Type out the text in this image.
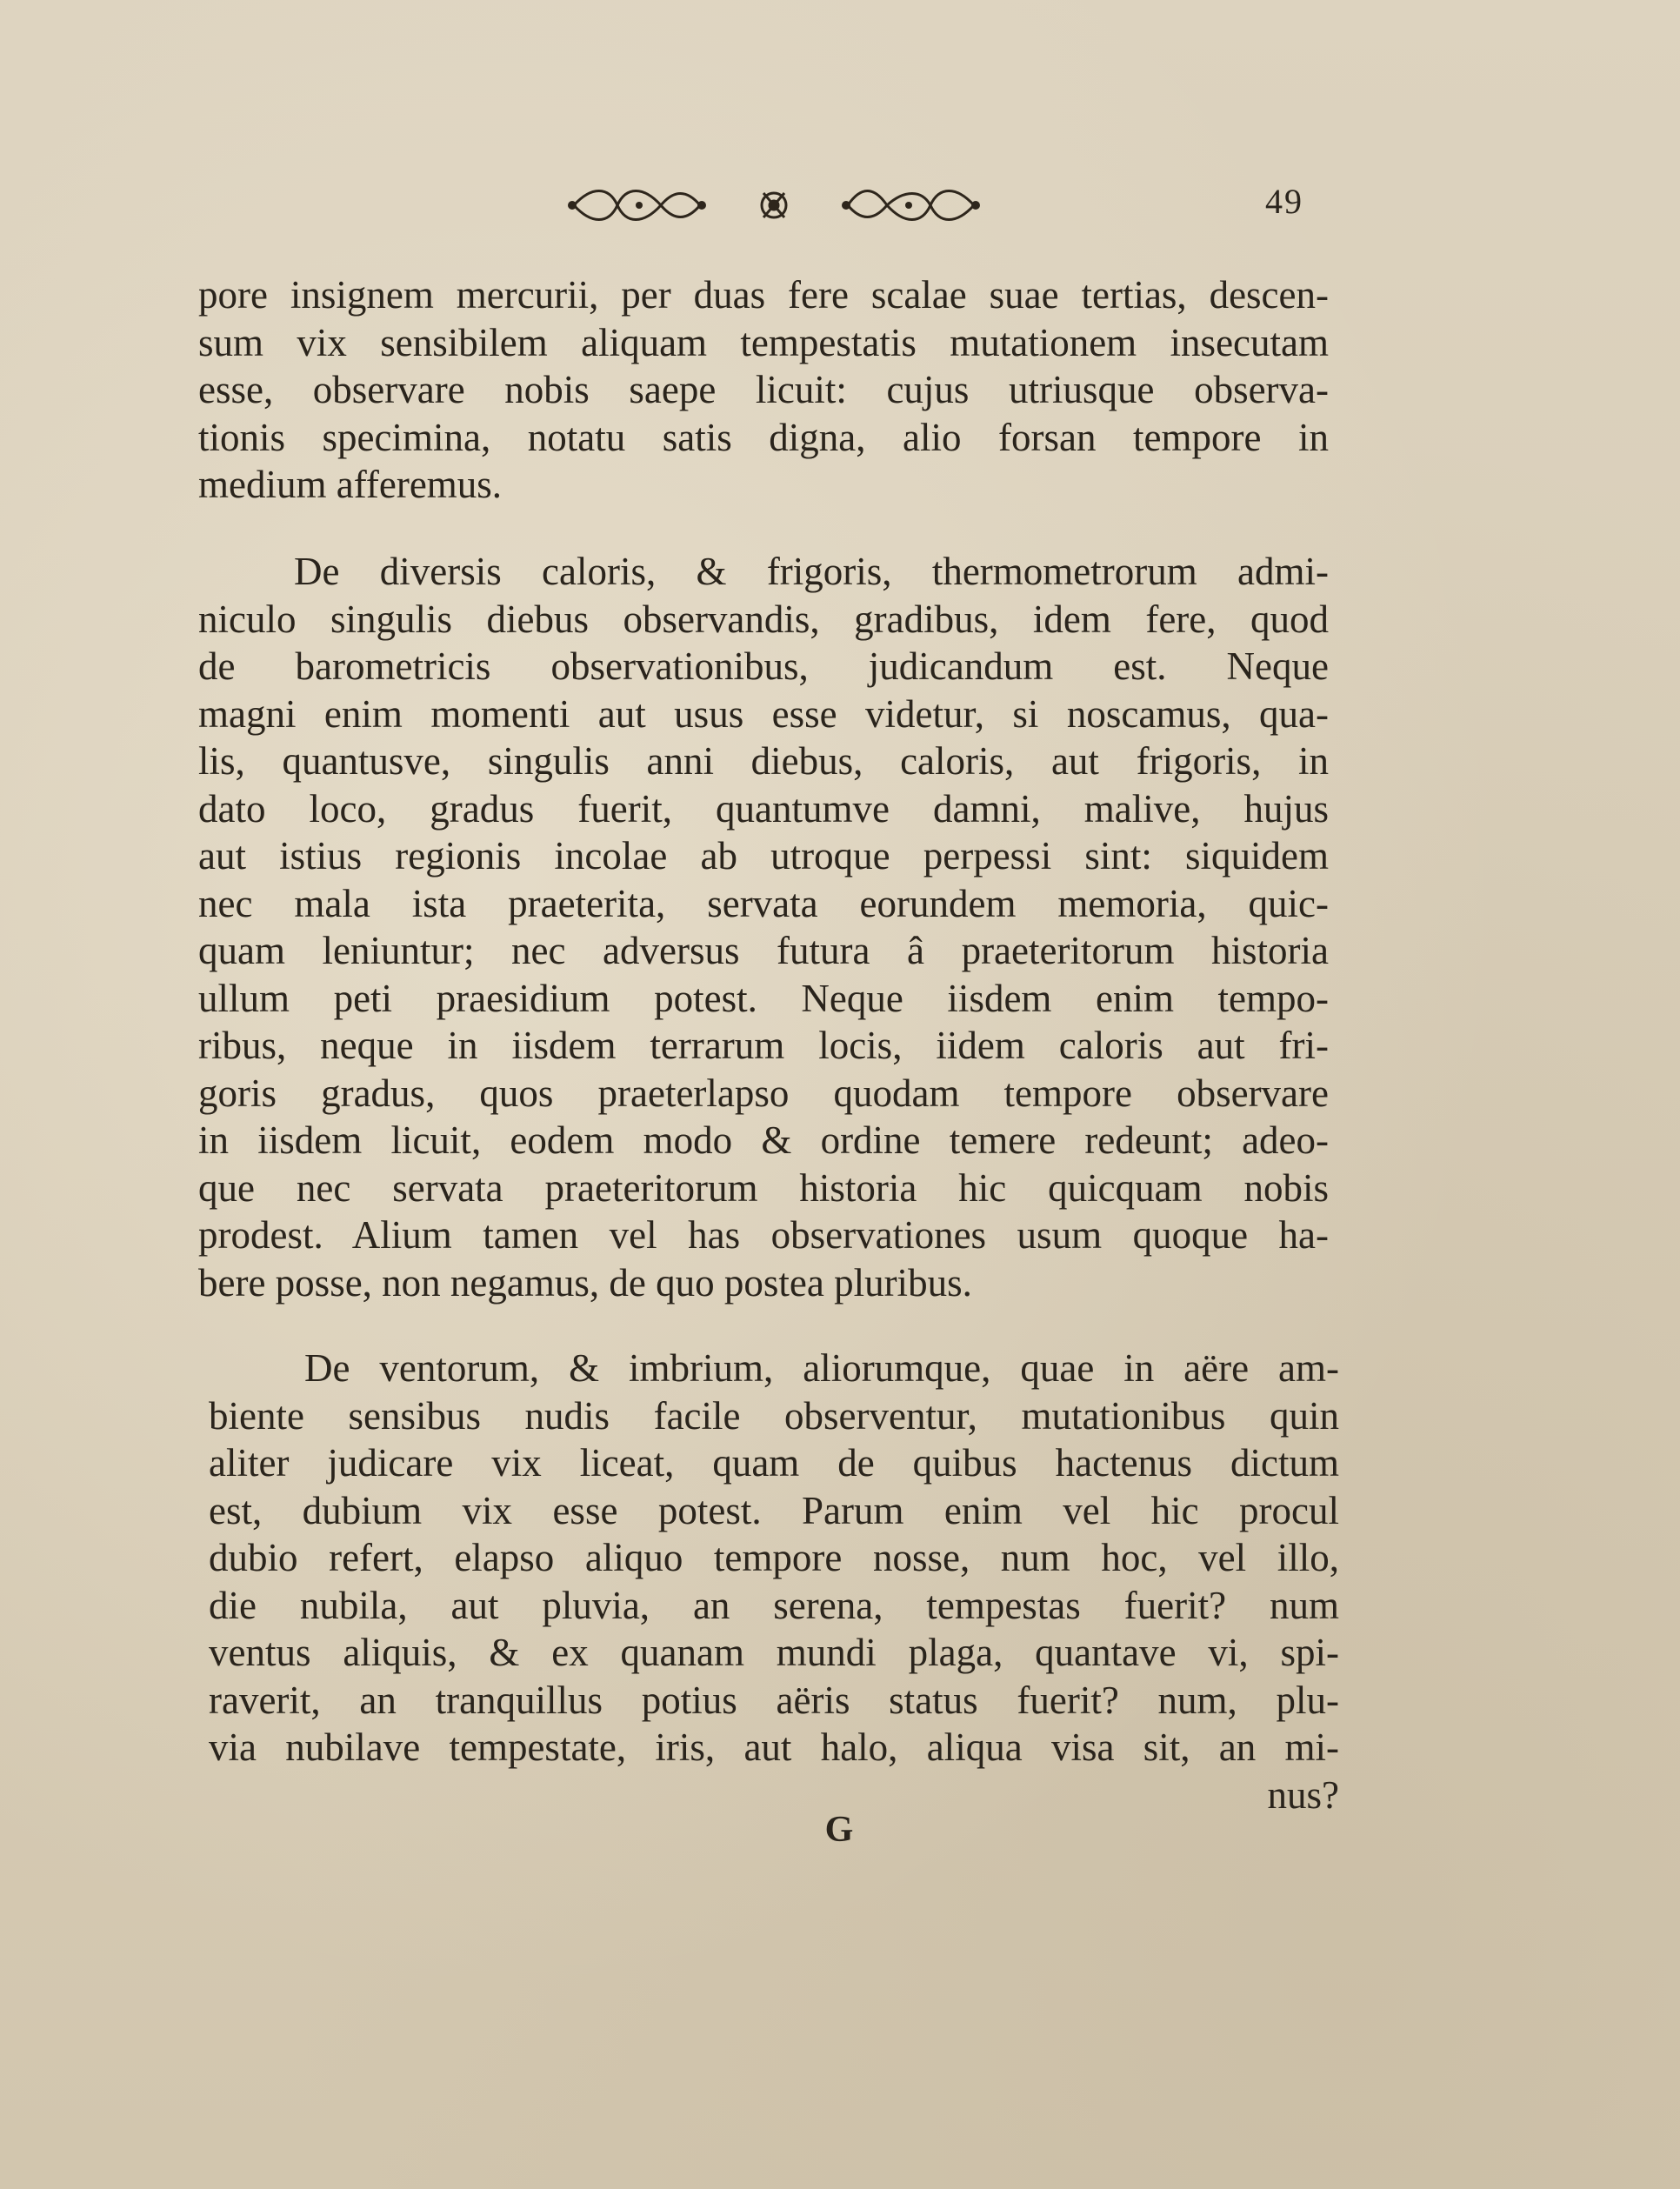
49
pore insignem mercurii, per duas fere scalae suae tertias, descen-
sum vix sensibilem aliquam tempestatis mutationem insecutam
esse, observare nobis saepe licuit: cujus utriusque observa-
tionis specimina, notatu satis digna, alio forsan tempore in
medium afferemus.
De diversis caloris, & frigoris, thermometrorum admi-
niculo singulis diebus observandis, gradibus, idem fere, quod
de barometricis observationibus, judicandum est. Neque
magni enim momenti aut usus esse videtur, si noscamus, qua-
lis, quantusve, singulis anni diebus, caloris, aut frigoris, in
dato loco, gradus fuerit, quantumve damni, malive, hujus
aut istius regionis incolae ab utroque perpessi sint: siquidem
nec mala ista praeterita, servata eorundem memoria, quic-
quam leniuntur; nec adversus futura â praeteritorum historia
ullum peti praesidium potest. Neque iisdem enim tempo-
ribus, neque in iisdem terrarum locis, iidem caloris aut fri-
goris gradus, quos praeterlapso quodam tempore observare
in iisdem licuit, eodem modo & ordine temere redeunt; adeo-
que nec servata praeteritorum historia hic quicquam nobis
prodest. Alium tamen vel has observationes usum quoque ha-
bere posse, non negamus, de quo postea pluribus.
De ventorum, & imbrium, aliorumque, quae in aëre am-
biente sensibus nudis facile observentur, mutationibus quin
aliter judicare vix liceat, quam de quibus hactenus dictum
est, dubium vix esse potest. Parum enim vel hic procul
dubio refert, elapso aliquo tempore nosse, num hoc, vel illo,
die nubila, aut pluvia, an serena, tempestas fuerit? num
ventus aliquis, & ex quanam mundi plaga, quantave vi, spi-
raverit, an tranquillus potius aëris status fuerit? num, plu-
via nubilave tempestate, iris, aut halo, aliqua visa sit, an mi-
nus?
G
